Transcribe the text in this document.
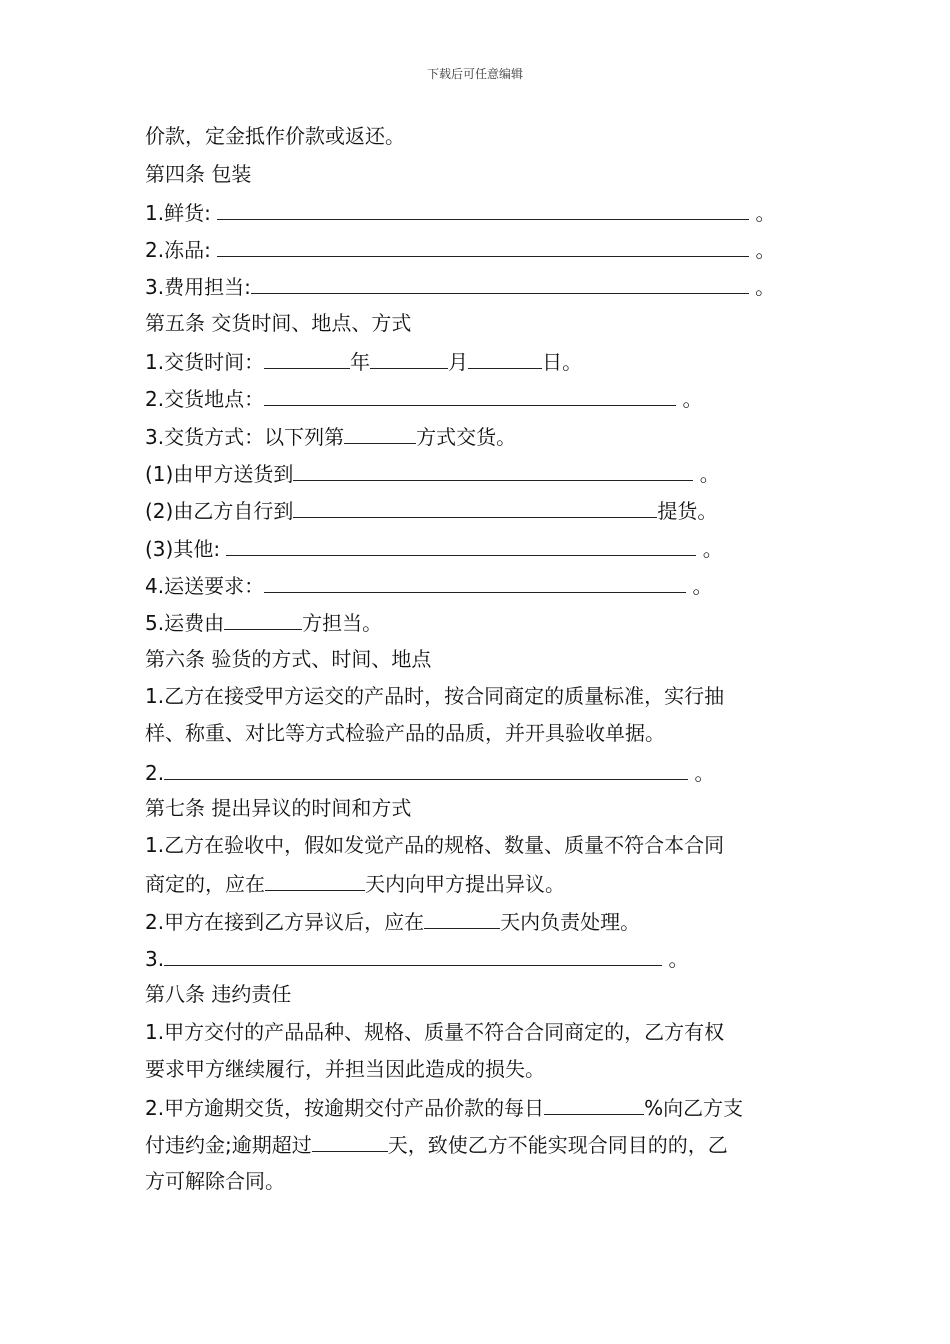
下载后可任意编辑
价款，定金抵作价款或返还。
第四条 包装
1.鲜货:	。
2.冻品:	。
3.费用担当:	。
第五条 交货时间、地点、方式
1.交货时间：	年	月	日。
2.交货地点：	。
3.交货方式：以下列第	方式交货。
(1)由甲方送货到	。
(2)由乙方自行到	提货。
(3)其他:	。
4.运送要求：	。
5.运费由	方担当。
第六条 验货的方式、时间、地点
1.乙方在接受甲方运交的产品时，按合同商定的质量标准，实行抽
样、称重、对比等方式检验产品的品质，并开具验收单据。
2.	。
第七条 提出异议的时间和方式
1.乙方在验收中，假如发觉产品的规格、数量、质量不符合本合同
商定的，应在	天内向甲方提出异议。
2.甲方在接到乙方异议后，应在	天内负责处理。
3.	。
第八条 违约责任
1.甲方交付的产品品种、规格、质量不符合合同商定的，乙方有权
要求甲方继续履行，并担当因此造成的损失。
2.甲方逾期交货，按逾期交付产品价款的每日	%向乙方支
付违约金;逾期超过	天，致使乙方不能实现合同目的的，乙
方可解除合同。
